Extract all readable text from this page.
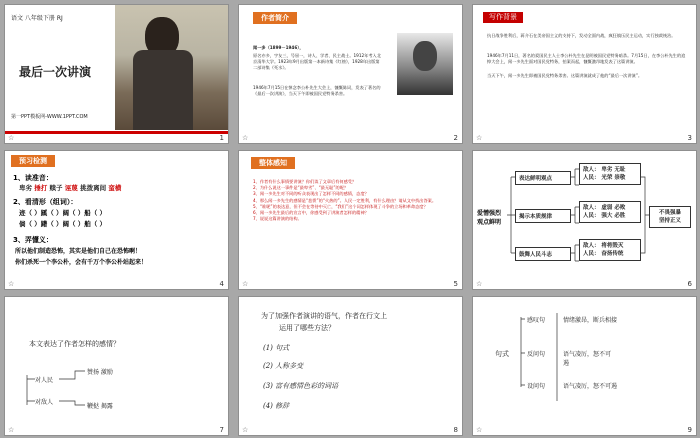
语文 八年级下册 RJ
最后一次讲演
第一PPT模板网-WWW.1PPT.COM
☆	1
作者简介
闻一多（1899－1946），
原名亦多，字友三，号屈一，诗人、学者、民主战士。1912年考入北京清华大学。1923年9月出版第一本新诗集《红烛》，1928年出版第二部诗集《死水》。
1946年7月15日在悼念李公朴先生大会上，慷慨陈词，发表了著名的《最后一次讲演》，当天下午即被国民党特务杀害。
☆	2
写作背景
抗日战争胜利后，蒋介石在美帝国主义的支持下，发动全面内战，疯狂镇压民主运动，实行独裁统治。
1946年7月11日，著名的爱国民主人士李公朴先生在昆明被国民党特务暗杀。7月15日，在李公朴先生的追悼大会上，闻一多先生面对国民党特务，拍案而起，慷慨激昂地发表了这篇讲演。
当天下午，闻一多先生即被国民党特务杀害。这篇讲演就成了他的“最后一次讲演”。
☆	3
预习检测
1、读准音：
卑劣 捶打 赎子 诬蔑 挑拨离间 蛮横
2、看清形（组词）：
迹（ ）蹊（ ）阔（ ）船（ ）
倘（ ）躇（ ）阔（ ）舶（ ）
3、弄懂义：
所以他们制造恐怖，其实是他们自己在恐怖啊！
你们杀死一个李公朴，会有千万个李公朴站起来！
☆	4
整体感知
1、作者有什么事情要讲演？你们读了文章后有何感受？
2、为什么说这一事件是“最卑劣”、“最无耻”的呢？
3、闻一多先生对不同的听众表现出了怎样不同的感情，态度？
4、那么闻一多先生的感情是“悲愤”的“火热的”。人民一定胜利，有什么理由？请从文中找出答案。
5、“谁呢”的表达意，但不会在等待中灭亡，“我们”这个词怎样体现了斗争的立场和革命态度？
6、闻一多先生最后的宣言中，你感受到了讲演者怎样的精神？
7、说说这篇讲演的结构。
☆	5
爱憎强烈
观点鲜明
表达鲜明观点
揭示本质规律
鼓舞人民斗志
敌人： 卑劣 无耻
人民： 光荣 崇敬
敌人： 虚弱 必败
人民： 强大 必胜
敌人： 将将毁灭
人民： 奋扬传统
不畏强暴
坚持正义
☆	6
本文表达了作者怎样的感情？
对人民
对敌人
赞扬 激励
鞭挞 揭露
☆	7
为了加强作者演讲的语气，作者在行文上
运用了哪些方法？
(1) 句式
(2) 人称多变
(3) 富有感情色彩的词语
(4) 修辞
☆	8
句式
感叹句
反问句
设问句
情绪激昂，断兵相接
语气凌厉，怒不可遏
语气凌厉，怒不可遏
☆	9
